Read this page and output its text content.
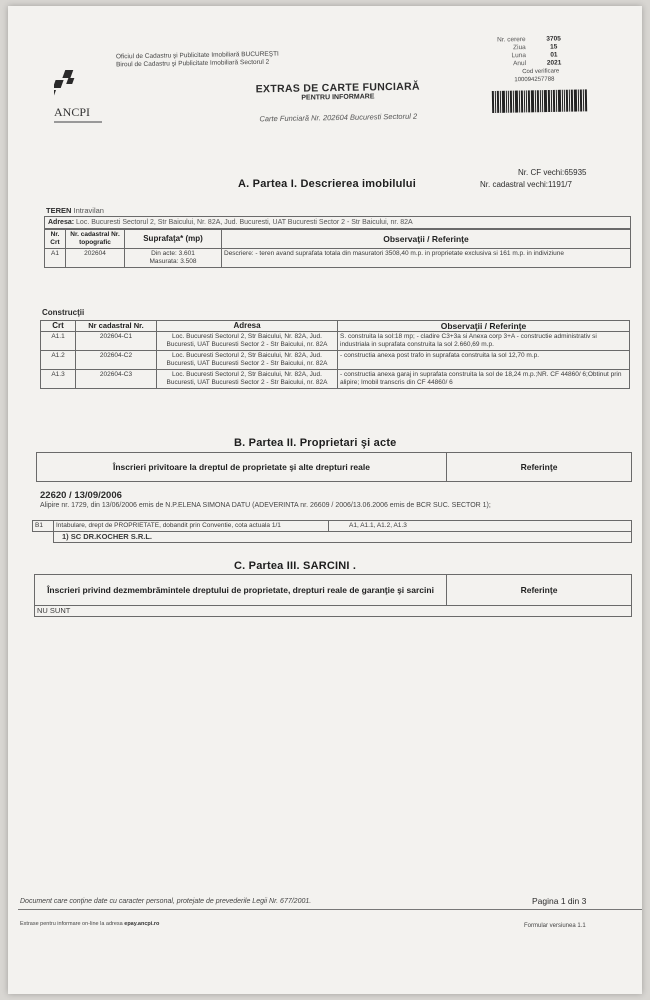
ANCPI
Oficiul de Cadastru şi Publicitate Imobiliară BUCUREŞTI
Biroul de Cadastru şi Publicitate Imobiliară Sectorul 2
EXTRAS DE CARTE FUNCIARĂ
PENTRU INFORMARE
Carte Funciară Nr. 202604 Bucuresti Sectorul 2
Nr. cerere	3705
Ziua	15
Luna	01
Anul	2021
Cod verificare
100094257788
A. Partea I. Descrierea imobilului
Nr. CF vechi:65935
Nr. cadastral vechi:1191/7
TEREN Intravilan
Adresa: Loc. Bucuresti Sectorul 2, Str Baicului, Nr. 82A, Jud. Bucuresti, UAT Bucuresti Sector 2 - Str Baicului, nr. 82A
Nr. Crt	Nr. cadastral Nr. topografic	Suprafaţa* (mp)	Observaţii / Referinţe
A1	202604	Din acte: 3.601
Masurata: 3.508	Descriere: - teren avand suprafata totala din masuratori 3508,40 m.p. in proprietate exclusiva si 161 m.p. in indiviziune
Construcţii
Crt	Nr cadastral Nr.	Adresa	Observaţii / Referinţe
A1.1	202604-C1	Loc. Bucuresti Sectorul 2, Str Baicului, Nr. 82A, Jud. Bucuresti, UAT Bucuresti Sector 2 - Str Baicului, nr. 82A	S. construita la sol:18 mp; - cladire C3+3a si Anexa corp 3+A - constructie administrativ si industriala in suprafata construita la sol 2.660,69 m.p.
A1.2	202604-C2	Loc. Bucuresti Sectorul 2, Str Baicului, Nr. 82A, Jud. Bucuresti, UAT Bucuresti Sector 2 - Str Baicului, nr. 82A	- constructia anexa post trafo in suprafata construita la sol 12,70 m.p.
A1.3	202604-C3	Loc. Bucuresti Sectorul 2, Str Baicului, Nr. 82A, Jud. Bucuresti, UAT Bucuresti Sector 2 - Str Baicului, nr. 82A	- constructia anexa garaj in suprafata construita la sol de 18,24 m.p.;NR. CF 44860/ 6;Obtinut prin alipire; Imobil transcris din CF 44860/ 6
B. Partea II. Proprietari şi acte
Înscrieri privitoare la dreptul de proprietate şi alte drepturi reale	Referinţe
22620 / 13/09/2006
Alipire nr. 1729, din 13/06/2006 emis de N.P.ELENA SIMONA DATU (ADEVERINTA nr. 26609 / 2006/13.06.2006 emis de BCR SUC. SECTOR 1);
B1	Intabulare, drept de PROPRIETATE, dobandit prin Conventie, cota actuala 1/1	A1, A1.1, A1.2, A1.3
	1) SC DR.KOCHER S.R.L.	
C. Partea III. SARCINI .
Înscrieri privind dezmembrămintele dreptului de proprietate, drepturi reale de garanţie şi sarcini	Referinţe
NU SUNT
Document care conţine date cu caracter personal, protejate de prevederile Legii Nr. 677/2001.	Pagina 1 din 3
Extrase pentru informare on-line la adresa epay.ancpi.ro	Formular versiunea 1.1
